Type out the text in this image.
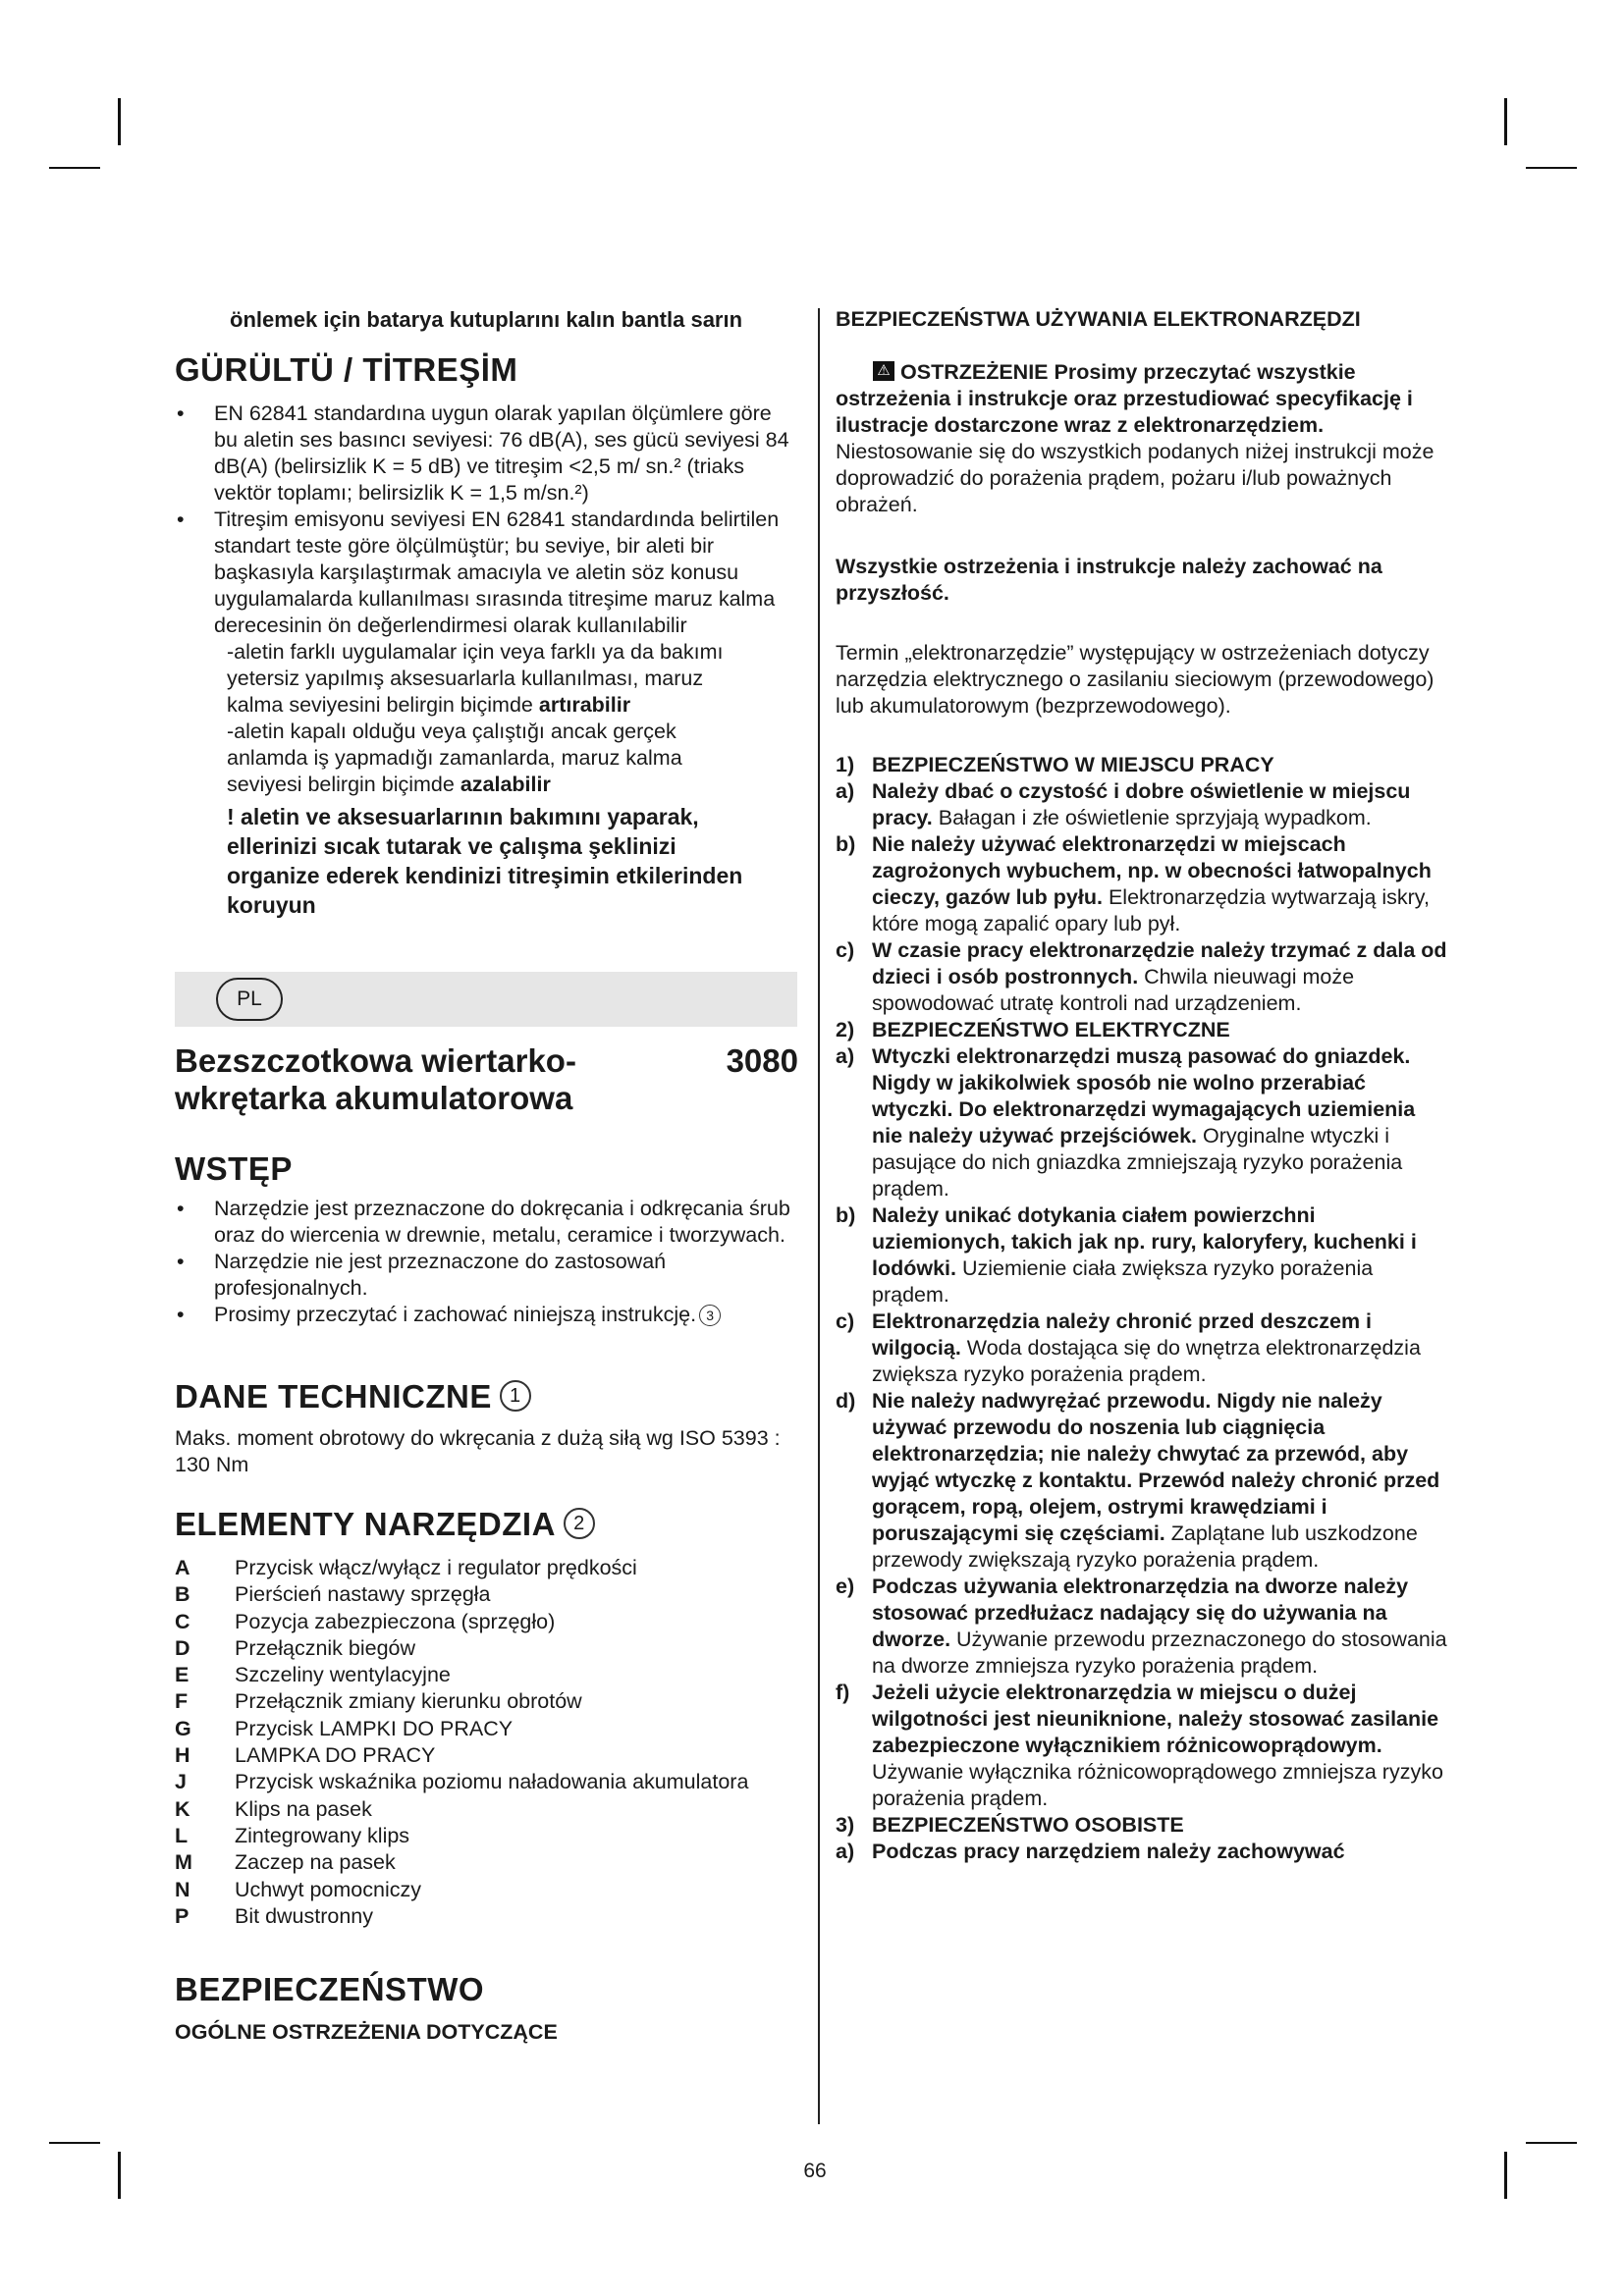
önlemek için batarya kutuplarını kalın bantla sarın

GÜRÜLTÜ / TİTREŞİM
• EN 62841 standardına uygun olarak yapılan ölçümlere göre bu aletin ses basıncı seviyesi: 76 dB(A), ses gücü seviyesi 84 dB(A) (belirsizlik K = 5 dB) ve titreşim <2,5 m/ sn.² (triaks vektör toplamı; belirsizlik K = 1,5 m/sn.²)
• Titreşim emisyonu seviyesi EN 62841 standardında belirtilen standart teste göre ölçülmüştür; bu seviye, bir aleti bir başkasıyla karşılaştırmak amacıyla ve aletin söz konusu uygulamalarda kullanılması sırasında titreşime maruz kalma derecesinin ön değerlendirmesi olarak kullanılabilir
-aletin farklı uygulamalar için veya farklı ya da bakımı yetersiz yapılmış aksesuarlarla kullanılması, maruz kalma seviyesini belirgin biçimde artırabilir
-aletin kapalı olduğu veya çalıştığı ancak gerçek anlamda iş yapmadığı zamanlarda, maruz kalma seviyesi belirgin biçimde azalabilir
! aletin ve aksesuarlarının bakımını yaparak, ellerinizi sıcak tutarak ve çalışma şeklinizi organize ederek kendinizi titreşimin etkilerinden koruyun
PL
Bezszczotkowa wiertarko-
wkrętarka akumulatorowa
3080
WSTĘP
• Narzędzie jest przeznaczone do dokręcania i odkręcania śrub oraz do wiercenia w drewnie, metalu, ceramice i tworzywach.
• Narzędzie nie jest przeznaczone do zastosowań profesjonalnych.
• Prosimy przeczytać i zachować niniejszą instrukcję. 3
DANE TECHNICZNE 1

Maks. moment obrotowy do wkręcania z dużą siłą wg ISO 5393 : 130 Nm

ELEMENTY NARZĘDZIA 2
A Przycisk włącz/wyłącz i regulator prędkości
B Pierścień nastawy sprzęgła
C Pozycja zabezpieczona (sprzęgło)
D Przełącznik biegów
E Szczeliny wentylacyjne
F Przełącznik zmiany kierunku obrotów
G Przycisk LAMPKI DO PRACY
H LAMPKA DO PRACY
J Przycisk wskaźnika poziomu naładowania akumulatora
K Klips na pasek
L Zintegrowany klips
M Zaczep na pasek
N Uchwyt pomocniczy
P Bit dwustronny
BEZPIECZEŃSTWO
OGÓLNE OSTRZEŻENIA DOTYCZĄCE
BEZPIECZEŃSTWA UŻYWANIA ELEKTRONARZĘDZI
⚠ OSTRZEŻENIE Prosimy przeczytać wszystkie ostrzeżenia i instrukcje oraz przestudiować specyfikację i ilustracje dostarczone wraz z elektronarzędziem. Niestosowanie się do wszystkich podanych niżej instrukcji może doprowadzić do porażenia prądem, pożaru i/lub poważnych obrażeń.

Wszystkie ostrzeżenia i instrukcje należy zachować na przyszłość.

Termin „elektronarzędzie” występujący w ostrzeżeniach dotyczy narzędzia elektrycznego o zasilaniu sieciowym (przewodowego) lub akumulatorowym (bezprzewodowego).

1) BEZPIECZEŃSTWO W MIEJSCU PRACY
a) Należy dbać o czystość i dobre oświetlenie w miejscu pracy. Bałagan i złe oświetlenie sprzyjają wypadkom.
b) Nie należy używać elektronarzędzi w miejscach zagrożonych wybuchem, np. w obecności łatwopalnych cieczy, gazów lub pyłu. Elektronarzędzia wytwarzają iskry, które mogą zapalić opary lub pył.
c) W czasie pracy elektronarzędzie należy trzymać z dala od dzieci i osób postronnych. Chwila nieuwagi może spowodować utratę kontroli nad urządzeniem.
2) BEZPIECZEŃSTWO ELEKTRYCZNE
a) Wtyczki elektronarzędzi muszą pasować do gniazdek. Nigdy w jakikolwiek sposób nie wolno przerabiać wtyczki. Do elektronarzędzi wymagających uziemienia nie należy używać przejściówek. Oryginalne wtyczki i pasujące do nich gniazdka zmniejszają ryzyko porażenia prądem.
b) Należy unikać dotykania ciałem powierzchni uziemionych, takich jak np. rury, kaloryfery, kuchenki i lodówki. Uziemienie ciała zwiększa ryzyko porażenia prądem.
c) Elektronarzędzia należy chronić przed deszczem i wilgocią. Woda dostająca się do wnętrza elektronarzędzia zwiększa ryzyko porażenia prądem.
d) Nie należy nadwyrężać przewodu. Nigdy nie należy używać przewodu do noszenia lub ciągnięcia elektronarzędzia; nie należy chwytać za przewód, aby wyjąć wtyczkę z kontaktu. Przewód należy chronić przed gorącem, ropą, olejem, ostrymi krawędziami i poruszającymi się częściami. Zaplątane lub uszkodzone przewody zwiększają ryzyko porażenia prądem.
e) Podczas używania elektronarzędzia na dworze należy stosować przedłużacz nadający się do używania na dworze. Używanie przewodu przeznaczonego do stosowania na dworze zmniejsza ryzyko porażenia prądem.
f) Jeżeli użycie elektronarzędzia w miejscu o dużej wilgotności jest nieuniknione, należy stosować zasilanie zabezpieczone wyłącznikiem różnicowoprądowym. Używanie wyłącznika różnicowoprądowego zmniejsza ryzyko porażenia prądem.
3) BEZPIECZEŃSTWO OSOBISTE
a) Podczas pracy narzędziem należy zachowywać
66
